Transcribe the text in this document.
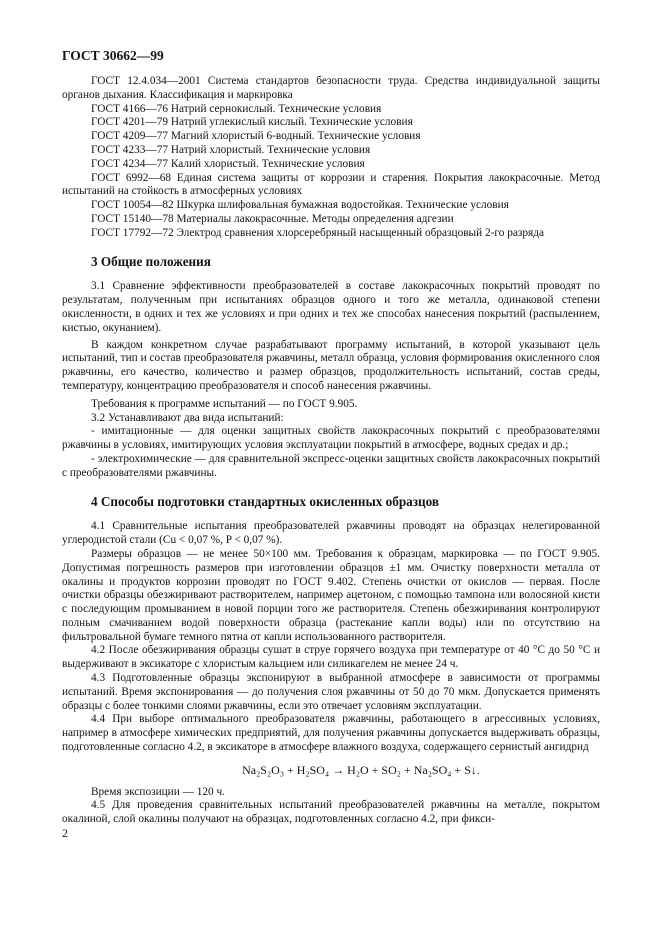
ГОСТ 30662—99

ГОСТ 12.4.034—2001 Система стандартов безопасности труда. Средства индивидуальной защиты органов дыхания. Классификация и маркировка

ГОСТ 4166—76 Натрий сернокислый. Технические условия

ГОСТ 4201—79 Натрий углекислый кислый. Технические условия

ГОСТ 4209—77 Магний хлористый 6-водный. Технические условия

ГОСТ 4233—77 Натрий хлористый. Технические условия

ГОСТ 4234—77 Калий хлористый. Технические условия

ГОСТ 6992—68 Единая система защиты от коррозии и старения. Покрытия лакокрасочные. Метод испытаний на стойкость в атмосферных условиях

ГОСТ 10054—82 Шкурка шлифовальная бумажная водостойкая. Технические условия

ГОСТ 15140—78 Материалы лакокрасочные. Методы определения адгезии

ГОСТ 17792—72 Электрод сравнения хлорсеребряный насыщенный образцовый 2-го разряда

3 Общие положения

3.1 Сравнение эффективности преобразователей в составе лакокрасочных покрытий проводят по результатам, полученным при испытаниях образцов одного и того же металла, одинаковой степени окисленности, в одних и тех же условиях и при одних и тех же способах нанесения покрытий (распылением, кистью, окунанием).

В каждом конкретном случае разрабатывают программу испытаний, в которой указывают цель испытаний, тип и состав преобразователя ржавчины, металл образца, условия формирования окисленного слоя ржавчины, его качество, количество и размер образцов, продолжительность испытаний, состав среды, температуру, концентрацию преобразователя и способ нанесения ржавчины.

Требования к программе испытаний — по ГОСТ 9.905.

3.2 Устанавливают два вида испытаний:

- имитационные — для оценки защитных свойств лакокрасочных покрытий с преобразователями ржавчины в условиях, имитирующих условия эксплуатации покрытий в атмосфере, водных средах и др.;

- электрохимические — для сравнительной экспресс-оценки защитных свойств лакокрасочных покрытий с преобразователями ржавчины.

4 Способы подготовки стандартных окисленных образцов

4.1 Сравнительные испытания преобразователей ржавчины проводят на образцах нелегированной углеродистой стали (Cu < 0,07 %, P < 0,07 %).

Размеры образцов — не менее 50×100 мм. Требования к образцам, маркировка — по ГОСТ 9.905. Допустимая погрешность размеров при изготовлении образцов ±1 мм. Очистку поверхности металла от окалины и продуктов коррозии проводят по ГОСТ 9.402. Степень очистки от окислов — первая. После очистки образцы обезжиривают растворителем, например ацетоном, с помощью тампона или волосяной кисти с последующим промыванием в новой порции того же растворителя. Степень обезжиривания контролируют полным смачиванием водой поверхности образца (растекание капли воды) или по отсутствию на фильтровальной бумаге темного пятна от капли использованного растворителя.

4.2 После обезжиривания образцы сушат в струе горячего воздуха при температуре от 40 °С до 50 °С и выдерживают в эксикаторе с хлористым кальцием или силикагелем не менее 24 ч.

4.3 Подготовленные образцы экспонируют в выбранной атмосфере в зависимости от программы испытаний. Время экспонирования — до получения слоя ржавчины от 50 до 70 мкм. Допускается применять образцы с более тонкими слоями ржавчины, если это отвечает условиям эксплуатации.

4.4 При выборе оптимального преобразователя ржавчины, работающего в агрессивных условиях, например в атмосфере химических предприятий, для получения ржавчины допускается выдерживать образцы, подготовленные согласно 4.2, в эксикаторе в атмосфере влажного воздуха, содержащего сернистый ангидрид

Na₂S₂O₃ + H₂SO₄ → H₂O + SO₂ + Na₂SO₄ + S↓.

Время экспозиции — 120 ч.

4.5 Для проведения сравнительных испытаний преобразователей ржавчины на металле, покрытом окалиной, слой окалины получают на образцах, подготовленных согласно 4.2, при фикси-

2
